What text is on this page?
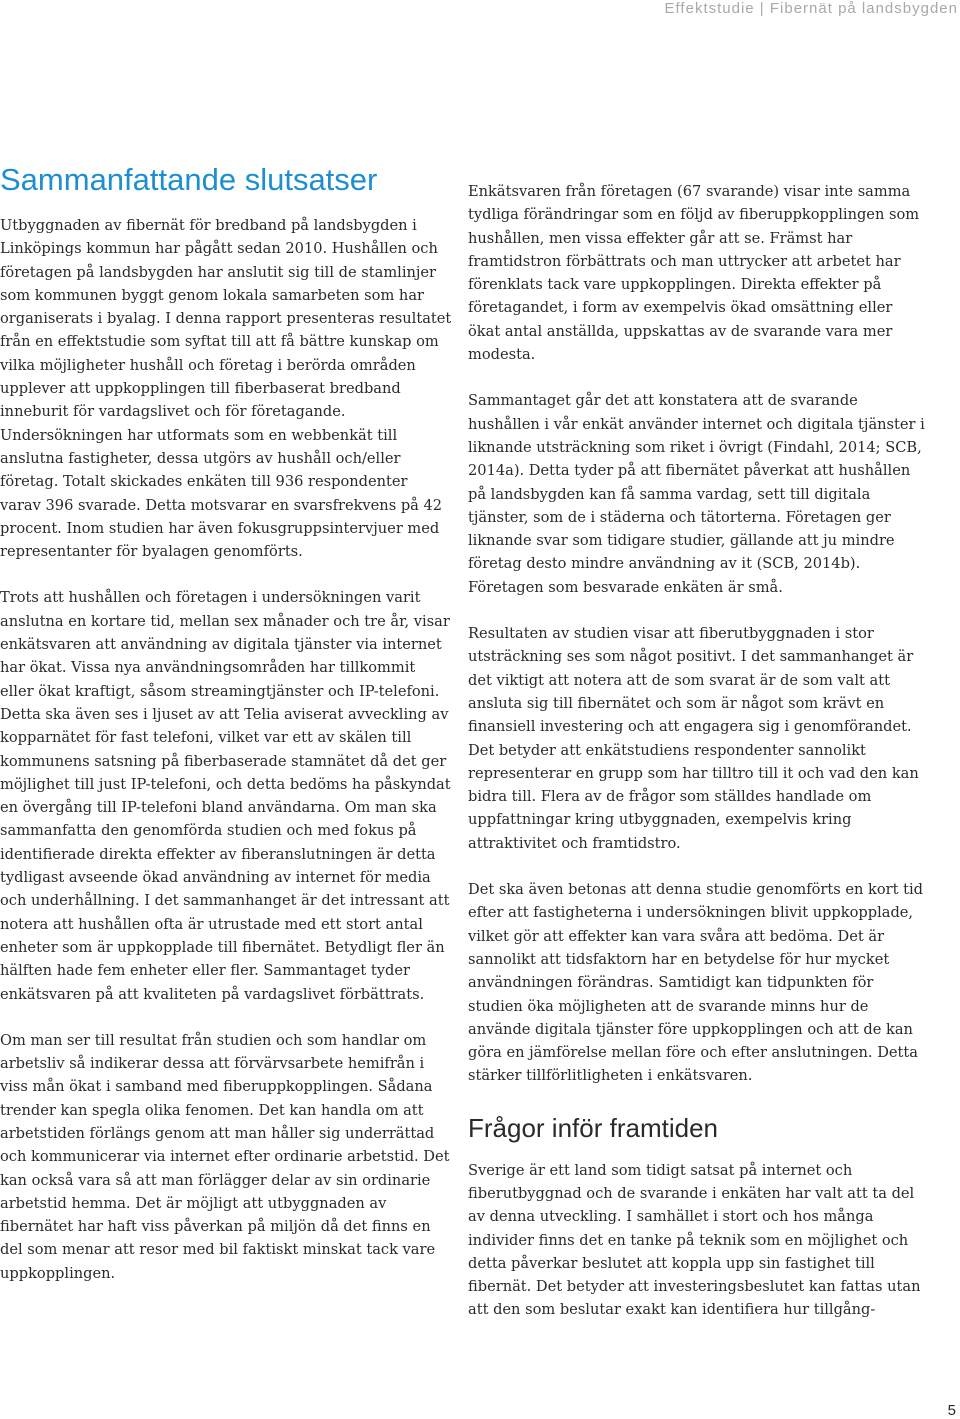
Effektstudie | Fibernät på landsbygden
Sammanfattande slutsatser

Utbyggnaden av fibernät för bredband på landsbygden i Linköpings kommun har pågått sedan 2010. Hushållen och företagen på landsbygden har anslutit sig till de stamlinjer som kommunen byggt genom lokala samarbeten som har organiserats i byalag. I denna rapport presenteras resultatet från en effektstudie som syftat till att få bättre kunskap om vilka möjligheter hushåll och företag i berörda områden upplever att uppkopplingen till fiberbaserat bredband inneburit för vardagslivet och för företagande. Undersökningen har utformats som en webbenkät till anslutna fastigheter, dessa utgörs av hushåll och/eller företag. Totalt skickades enkäten till 936 respondenter varav 396 svarade. Detta motsvarar en svarsfrekvens på 42 procent. Inom studien har även fokusgruppsintervjuer med representanter för byalagen genomförts.

Trots att hushållen och företagen i undersökningen varit anslutna en kortare tid, mellan sex månader och tre år, visar enkätsvaren att användning av digitala tjänster via internet har ökat. Vissa nya användningsområden har tillkommit eller ökat kraftigt, såsom streamingtjänster och IP-telefoni. Detta ska även ses i ljuset av att Telia aviserat avveckling av kopparnätet för fast telefoni, vilket var ett av skälen till kommunens satsning på fiberbaserade stamnätet då det ger möjlighet till just IP-telefoni, och detta bedöms ha påskyndat en övergång till IP-telefoni bland användarna. Om man ska sammanfatta den genomförda studien och med fokus på identifierade direkta effekter av fiberanslutningen är detta tydligast avseende ökad användning av internet för media och underhållning. I det sammanhanget är det intressant att notera att hushållen ofta är utrustade med ett stort antal enheter som är uppkopplade till fibernätet. Betydligt fler än hälften hade fem enheter eller fler. Sammantaget tyder enkätsvaren på att kvaliteten på vardagslivet förbättrats.

Om man ser till resultat från studien och som handlar om arbetsliv så indikerar dessa att förvärvsarbete hemifrån i viss mån ökat i samband med fiberuppkopplingen. Sådana trender kan spegla olika fenomen. Det kan handla om att arbetstiden förlängs genom att man håller sig underrättad och kommunicerar via internet efter ordinarie arbetstid. Det kan också vara så att man förlägger delar av sin ordinarie arbetstid hemma. Det är möjligt att utbyggnaden av fibernätet har haft viss påverkan på miljön då det finns en del som menar att resor med bil faktiskt minskat tack vare uppkopplingen.

Enkätsvaren från företagen (67 svarande) visar inte samma tydliga förändringar som en följd av fiberuppkopplingen som hushållen, men vissa effekter går att se. Främst har framtidstron förbättrats och man uttrycker att arbetet har förenklats tack vare uppkopplingen. Direkta effekter på företagandet, i form av exempelvis ökad omsättning eller ökat antal anställda, uppskattas av de svarande vara mer modesta.

Sammantaget går det att konstatera att de svarande hushållen i vår enkät använder internet och digitala tjänster i liknande utsträckning som riket i övrigt (Findahl, 2014; SCB, 2014a). Detta tyder på att fibernätet påverkat att hushållen på landsbygden kan få samma vardag, sett till digitala tjänster, som de i städerna och tätorterna. Företagen ger liknande svar som tidigare studier, gällande att ju mindre företag desto mindre användning av it (SCB, 2014b). Företagen som besvarade enkäten är små.

Resultaten av studien visar att fiberutbyggnaden i stor utsträckning ses som något positivt. I det sammanhanget är det viktigt att notera att de som svarat är de som valt att ansluta sig till fibernätet och som är något som krävt en finansiell investering och att engagera sig i genomförandet. Det betyder att enkätstudiens respondenter sannolikt representerar en grupp som har tilltro till it och vad den kan bidra till. Flera av de frågor som ställdes handlade om uppfattningar kring utbyggnaden, exempelvis kring attraktivitet och framtidstro.

Det ska även betonas att denna studie genomförts en kort tid efter att fastigheterna i undersökningen blivit uppkopplade, vilket gör att effekter kan vara svåra att bedöma. Det är sannolikt att tidsfaktorn har en betydelse för hur mycket användningen förändras. Samtidigt kan tidpunkten för studien öka möjligheten att de svarande minns hur de använde digitala tjänster före uppkopplingen och att de kan göra en jämförelse mellan före och efter anslutningen. Detta stärker tillförlitligheten i enkätsvaren.

Frågor inför framtiden

Sverige är ett land som tidigt satsat på internet och fiberutbyggnad och de svarande i enkäten har valt att ta del av denna utveckling. I samhället i stort och hos många individer finns det en tanke på teknik som en möjlighet och detta påverkar beslutet att koppla upp sin fastighet till fibernät. Det betyder att investeringsbeslutet kan fattas utan att den som beslutar exakt kan identifiera hur tillgång-

5
